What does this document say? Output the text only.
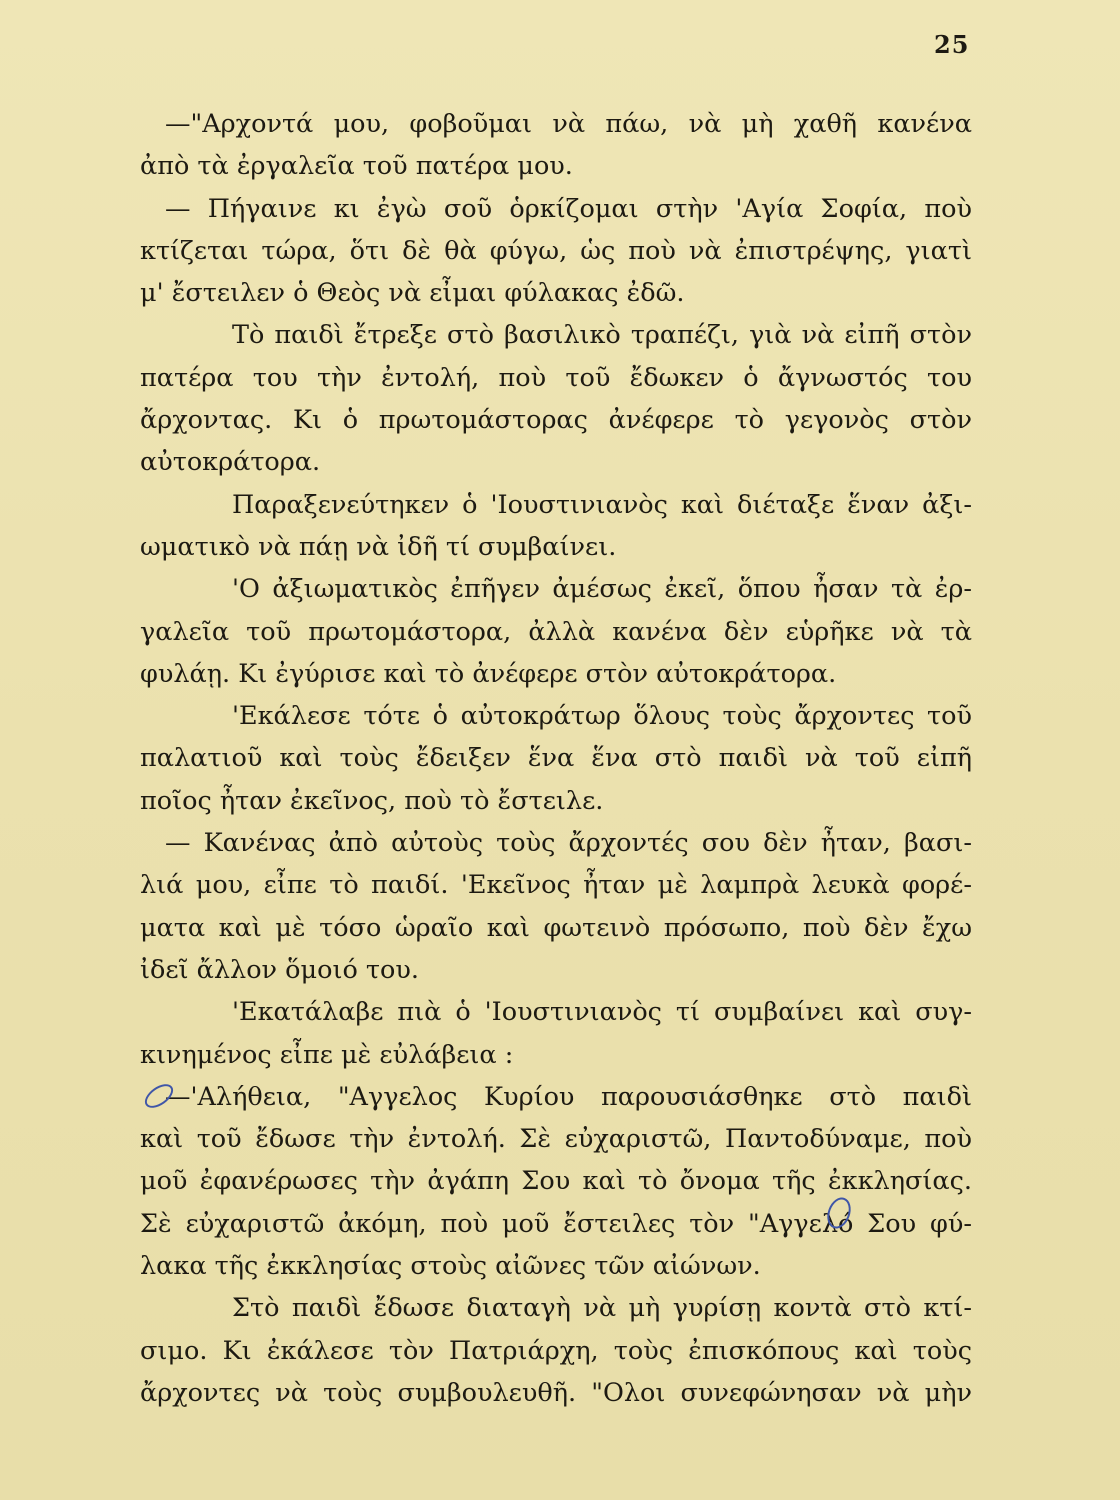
25
—"Αρχοντά μου, φοβοῦμαι νὰ πάω, νὰ μὴ χαθῆ κανένα
ἀπὸ τὰ ἐργαλεῖα τοῦ πατέρα μου.
— Πήγαινε κι ἐγὼ σοῦ ὁρκίζομαι στὴν 'Αγία Σοφία, ποὺ
κτίζεται τώρα, ὅτι δὲ θὰ φύγω, ὡς ποὺ νὰ ἐπιστρέψης, γιατὶ
μ' ἔστειλεν ὁ Θεὸς νὰ εἶμαι φύλακας ἐδῶ.
Τὸ παιδὶ ἔτρεξε στὸ βασιλικὸ τραπέζι, γιὰ νὰ εἰπῆ στὸν
πατέρα του τὴν ἐντολή, ποὺ τοῦ ἔδωκεν ὁ ἄγνωστός του
ἄρχοντας. Κι ὁ πρωτομάστορας ἀνέφερε τὸ γεγονὸς στὸν
αὐτοκράτορα.
Παραξενεύτηκεν ὁ 'Ιουστινιανὸς καὶ διέταξε ἕναν ἀξι-
ωματικὸ νὰ πάῃ νὰ ἰδῆ τί συμβαίνει.
'Ο ἀξιωματικὸς ἐπῆγεν ἀμέσως ἐκεῖ, ὅπου ἦσαν τὰ ἐρ-
γαλεῖα τοῦ πρωτομάστορα, ἀλλὰ κανένα δὲν εὑρῆκε νὰ τὰ
φυλάῃ. Κι ἐγύρισε καὶ τὸ ἀνέφερε στὸν αὐτοκράτορα.
'Εκάλεσε τότε ὁ αὐτοκράτωρ ὅλους τοὺς ἄρχοντες τοῦ
παλατιοῦ καὶ τοὺς ἔδειξεν ἕνα ἕνα στὸ παιδὶ νὰ τοῦ εἰπῆ
ποῖος ἦταν ἐκεῖνος, ποὺ τὸ ἔστειλε.
— Κανένας ἀπὸ αὐτοὺς τοὺς ἄρχοντές σου δὲν ἦταν, βασι-
λιά μου, εἶπε τὸ παιδί. 'Εκεῖνος ἦταν μὲ λαμπρὰ λευκὰ φορέ-
ματα καὶ μὲ τόσο ὡραῖο καὶ φωτεινὸ πρόσωπο, ποὺ δὲν ἔχω
ἰδεῖ ἄλλον ὅμοιό του.
'Εκατάλαβε πιὰ ὁ 'Ιουστινιανὸς τί συμβαίνει καὶ συγ-
κινημένος εἶπε μὲ εὐλάβεια :
—'Αλήθεια, "Αγγελος Κυρίου παρουσιάσθηκε στὸ παιδὶ
καὶ τοῦ ἔδωσε τὴν ἐντολή. Σὲ εὐχαριστῶ, Παντοδύναμε, ποὺ
μοῦ ἐφανέρωσες τὴν ἀγάπη Σου καὶ τὸ ὄνομα τῆς ἐκκλησίας.
Σὲ εὐχαριστῶ ἀκόμη, ποὺ μοῦ ἔστειλες τὸν "Αγγελό Σου φύ-
λακα τῆς ἐκκλησίας στοὺς αἰῶνες τῶν αἰώνων.
Στὸ παιδὶ ἔδωσε διαταγὴ νὰ μὴ γυρίσῃ κοντὰ στὸ κτί-
σιμο. Κι ἐκάλεσε τὸν Πατριάρχη, τοὺς ἐπισκόπους καὶ τοὺς
ἄρχοντες νὰ τοὺς συμβουλευθῆ. "Ολοι συνεφώνησαν νὰ μὴν
